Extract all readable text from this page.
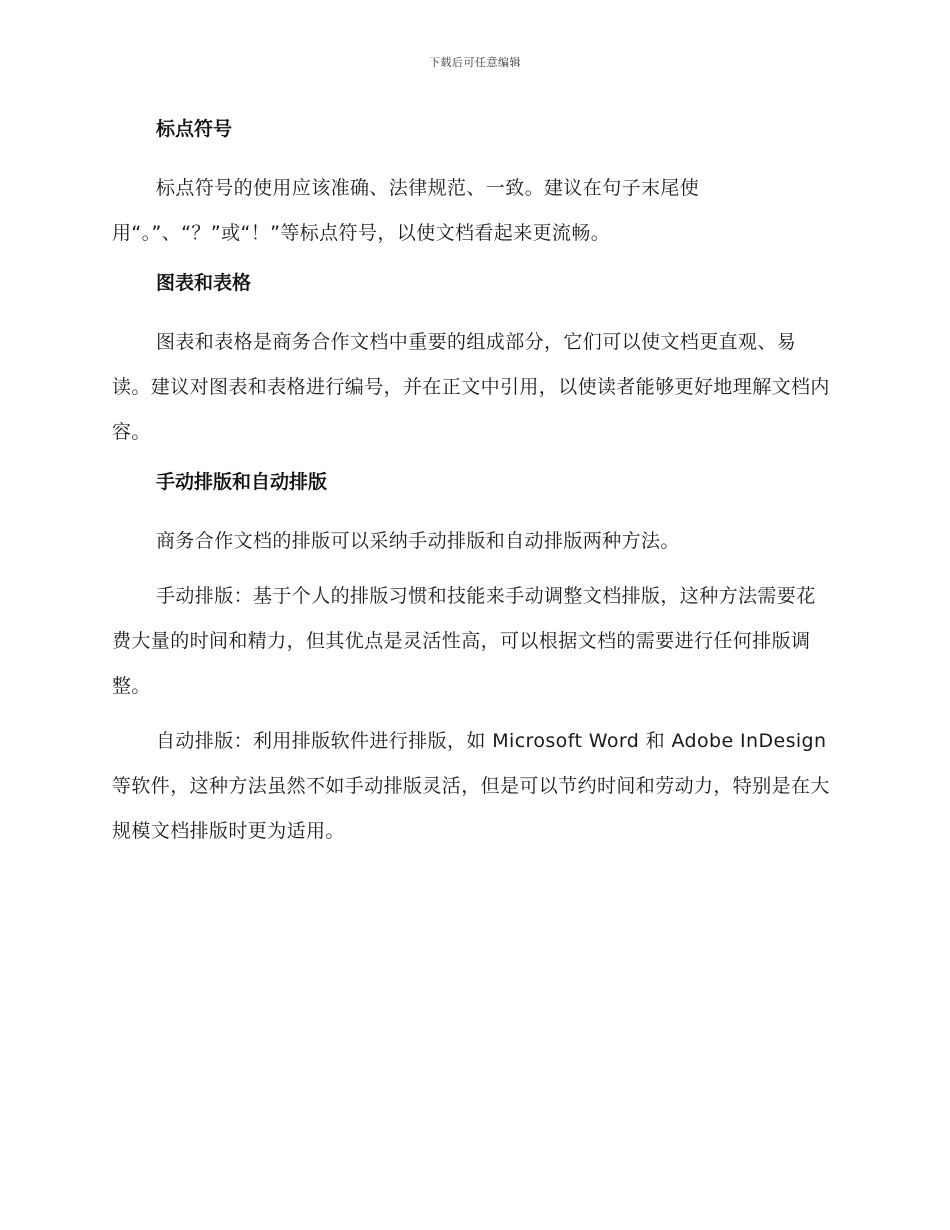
下载后可任意编辑
标点符号

标点符号的使用应该准确、法律规范、一致。建议在句子末尾使用“。”、“？”或“！”等标点符号，以使文档看起来更流畅。

图表和表格

图表和表格是商务合作文档中重要的组成部分，它们可以使文档更直观、易读。建议对图表和表格进行编号，并在正文中引用，以使读者能够更好地理解文档内容。

手动排版和自动排版

商务合作文档的排版可以采纳手动排版和自动排版两种方法。

手动排版：基于个人的排版习惯和技能来手动调整文档排版，这种方法需要花费大量的时间和精力，但其优点是灵活性高，可以根据文档的需要进行任何排版调整。

自动排版：利用排版软件进行排版，如 Microsoft Word 和 Adobe InDesign 等软件，这种方法虽然不如手动排版灵活，但是可以节约时间和劳动力，特别是在大规模文档排版时更为适用。
